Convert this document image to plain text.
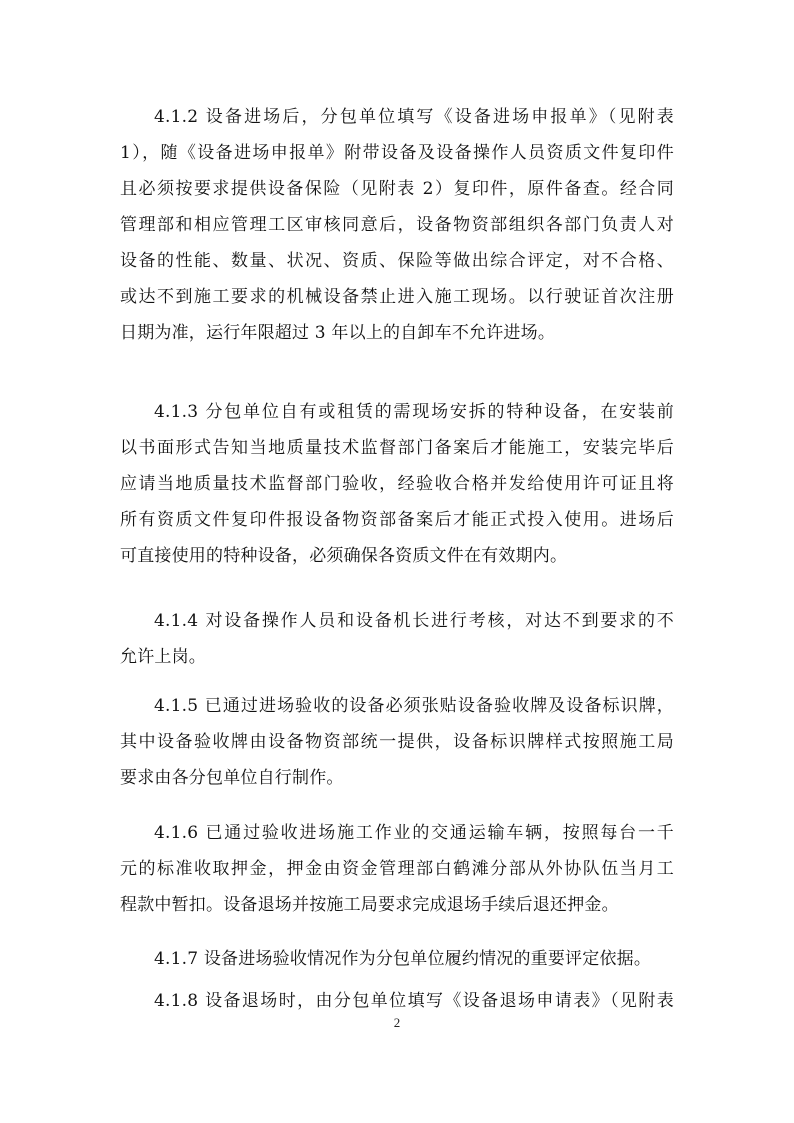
4.1.2 设备进场后，分包单位填写《设备进场申报单》（见附表
1），随《设备进场申报单》附带设备及设备操作人员资质文件复印件
且必须按要求提供设备保险（见附表 2）复印件，原件备查。经合同
管理部和相应管理工区审核同意后，设备物资部组织各部门负责人对
设备的性能、数量、状况、资质、保险等做出综合评定，对不合格、
或达不到施工要求的机械设备禁止进入施工现场。以行驶证首次注册
日期为准，运行年限超过 3 年以上的自卸车不允许进场。
4.1.3 分包单位自有或租赁的需现场安拆的特种设备，在安装前
以书面形式告知当地质量技术监督部门备案后才能施工，安装完毕后
应请当地质量技术监督部门验收，经验收合格并发给使用许可证且将
所有资质文件复印件报设备物资部备案后才能正式投入使用。进场后
可直接使用的特种设备，必须确保各资质文件在有效期内。
4.1.4 对设备操作人员和设备机长进行考核，对达不到要求的不
允许上岗。
4.1.5 已通过进场验收的设备必须张贴设备验收牌及设备标识牌，
其中设备验收牌由设备物资部统一提供，设备标识牌样式按照施工局
要求由各分包单位自行制作。
4.1.6 已通过验收进场施工作业的交通运输车辆，按照每台一千
元的标准收取押金，押金由资金管理部白鹤滩分部从外协队伍当月工
程款中暂扣。设备退场并按施工局要求完成退场手续后退还押金。
4.1.7 设备进场验收情况作为分包单位履约情况的重要评定依据。
4.1.8 设备退场时，由分包单位填写《设备退场申请表》（见附表
2
